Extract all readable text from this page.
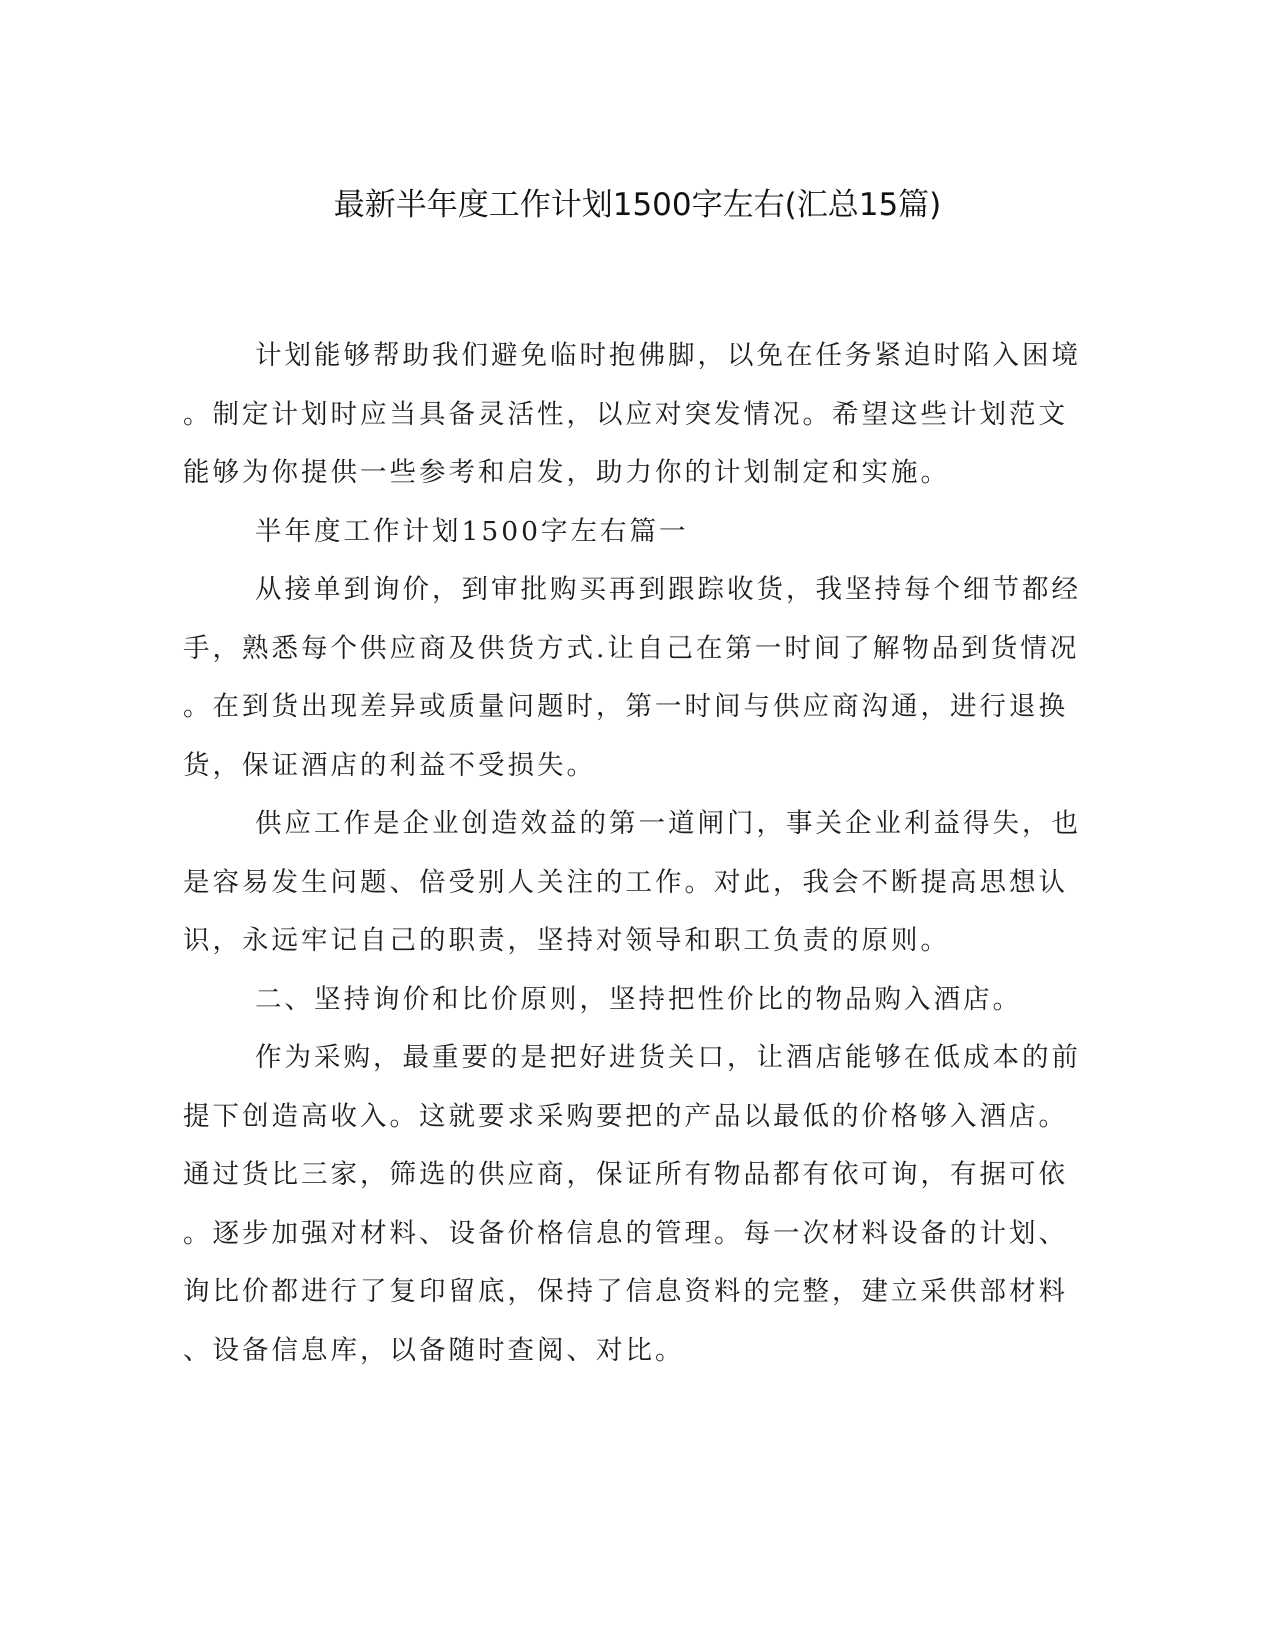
最新半年度工作计划1500字左右(汇总15篇)
计划能够帮助我们避免临时抱佛脚，以免在任务紧迫时陷入困境
。制定计划时应当具备灵活性，以应对突发情况。希望这些计划范文
能够为你提供一些参考和启发，助力你的计划制定和实施。
半年度工作计划1500字左右篇一
从接单到询价，到审批购买再到跟踪收货，我坚持每个细节都经
手，熟悉每个供应商及供货方式.让自己在第一时间了解物品到货情况
。在到货出现差异或质量问题时，第一时间与供应商沟通，进行退换
货，保证酒店的利益不受损失。
供应工作是企业创造效益的第一道闸门，事关企业利益得失，也
是容易发生问题、倍受别人关注的工作。对此，我会不断提高思想认
识，永远牢记自己的职责，坚持对领导和职工负责的原则。
二、坚持询价和比价原则，坚持把性价比的物品购入酒店。
作为采购，最重要的是把好进货关口，让酒店能够在低成本的前
提下创造高收入。这就要求采购要把的产品以最低的价格够入酒店。
通过货比三家，筛选的供应商，保证所有物品都有依可询，有据可依
。逐步加强对材料、设备价格信息的管理。每一次材料设备的计划、
询比价都进行了复印留底，保持了信息资料的完整，建立采供部材料
、设备信息库，以备随时查阅、对比。
